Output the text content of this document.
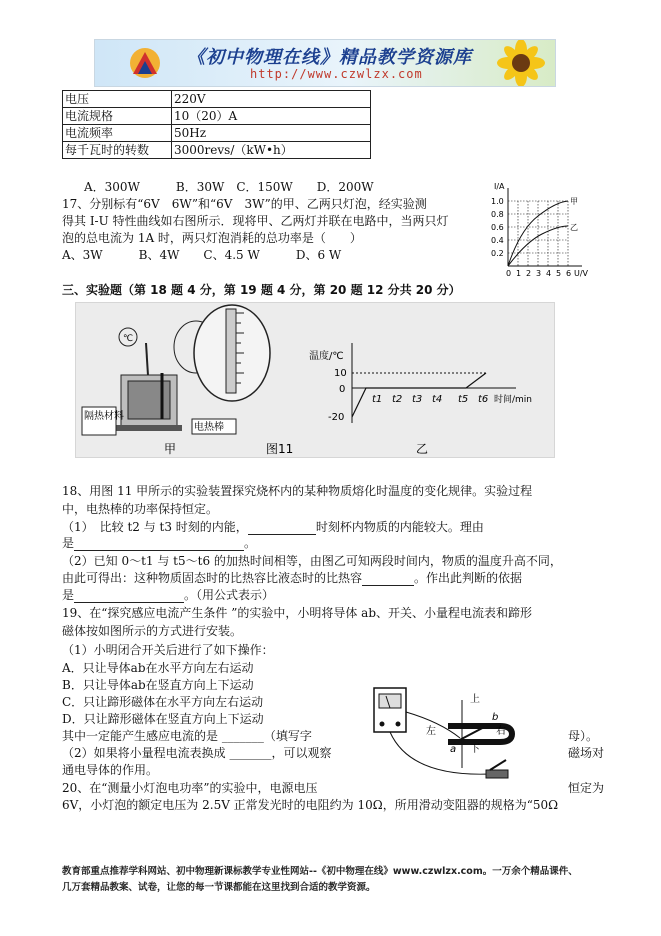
《初中物理在线》精品教学资源库
http://www.czwlzx.com
电压	220V
电流规格	10（20）A
电流频率	50Hz
每千瓦时的转数	3000revs/（kW•h）
A．300W　　　B．30W　C．150W　　D．200W
17、分别标有“6V　6W”和“6V　3W”的甲、乙两只灯泡，经实验测
得其 I-U 特性曲线如右图所示．现将甲、乙两灯并联在电路中，当两只灯
泡的总电流为 1A 时，两只灯泡消耗的总功率是（　　）
A、3W　　　B、4W　　C、4.5 W　　　D、6 W
I/A
U/V
1.0
0.8
0.6
0.4
0.2
0 1 2 3 4 5 6
甲
乙
三、实验题（第 18 题 4 分，第 19 题 4 分，第 20 题 12 分共 20 分）
℃
隔热材料
电热棒
甲	图11
温度/℃
10
0
-20
t1 t2 t3 t4 t5 t6 时间/min
乙
18、用图 11 甲所示的实验装置探究烧杯内的某种物质熔化时温度的变化规律。实验过程
中，电热棒的功率保持恒定。
（1）　比较 t2 与 t3 时刻的内能，	时刻杯内物质的内能较大。理由
是	。
（2）已知 0～t1 与 t5～t6 的加热时间相等，由图乙可知两段时间内，物质的温度升高不同，
由此可得出：这种物质固态时的比热容比液态时的比热容	。作出此判断的依据
是	。（用公式表示）
19、在“探究感应电流产生条件 ”的实验中，小明将导体 ab、开关、小量程电流表和蹄形
磁体按如图所示的方式进行安装。
（1）小明闭合开关后进行了如下操作：
A．只让导体ab在水平方向左右运动
B．只让导体ab在竖直方向上下运动
C．只让蹄形磁体在水平方向左右运动
D．只让蹄形磁体在竖直方向上下运动
其中一定能产生感应电流的是 _______（填写字	母）。
（2）如果将小量程电流表换成 _______，可以观察	磁场对
通电导体的作用。
上
下
左	右
a
b
20、在“测量小灯泡电功率”的实验中，电源电压	恒定为
6V，小灯泡的额定电压为 2.5V 正常发光时的电阻约为 10Ω，所用滑动变阻器的规格为“50Ω
教育部重点推荐学科网站、初中物理新课标教学专业性网站--《初中物理在线》www.czwlzx.com。一万余个精品课件、
几万套精品教案、试卷，让您的每一节课都能在这里找到合适的教学资源。
